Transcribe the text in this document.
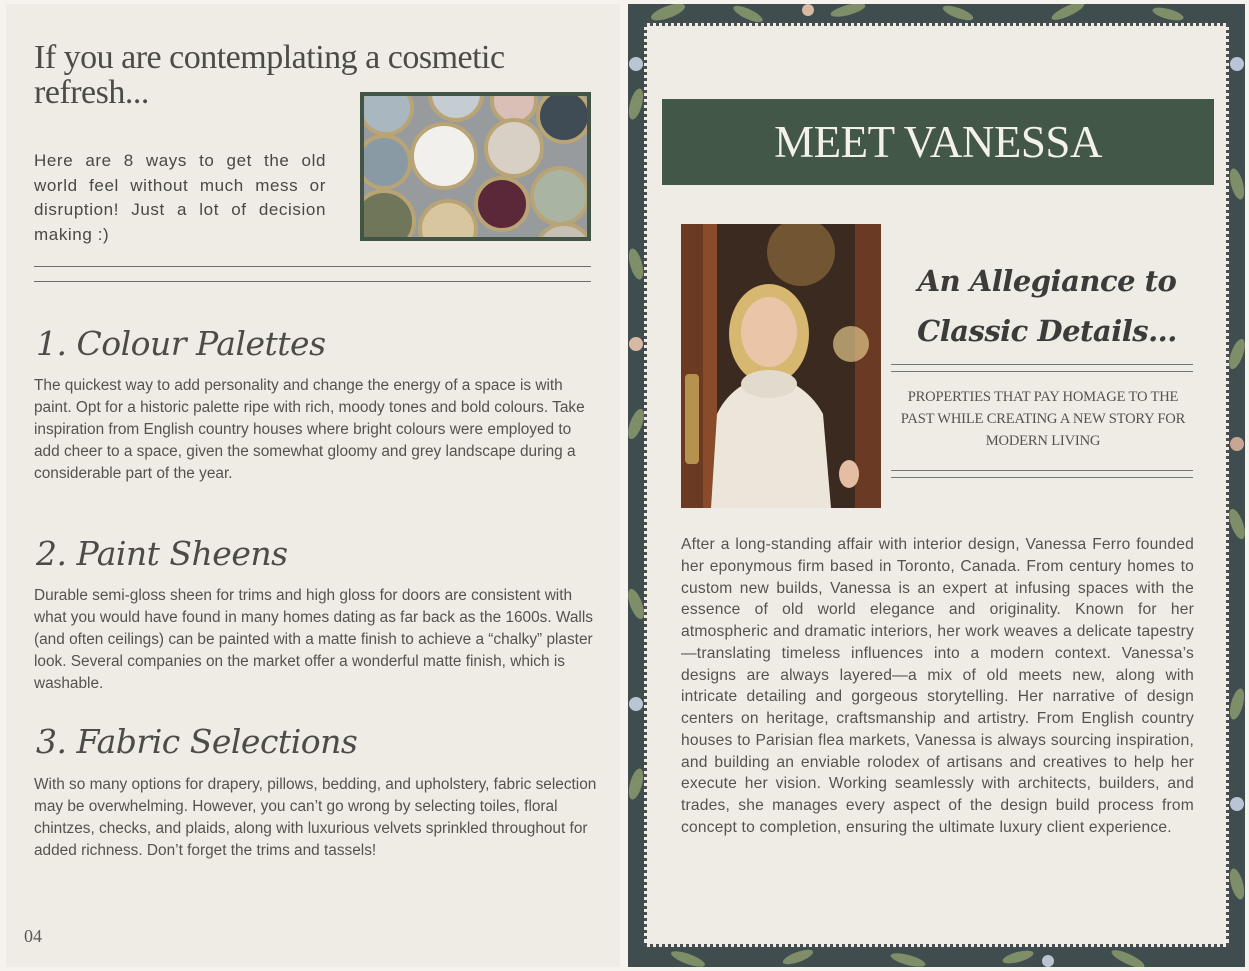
If you are contemplating a cosmetic refresh...

Here are 8 ways to get the old world feel without much mess or disruption! Just a lot of decision making :)

1. Colour Palettes

The quickest way to add personality and change the energy of a space is with paint. Opt for a historic palette ripe with rich, moody tones and bold colours. Take inspiration from English country houses where bright colours were employed to add cheer to a space, given the somewhat gloomy and grey landscape during a considerable part of the year.

2. Paint Sheens

Durable semi-gloss sheen for trims and high gloss for doors are consistent with what you would have found in many homes dating as far back as the 1600s. Walls (and often ceilings) can be painted with a matte finish to achieve a “chalky” plaster look. Several companies on the market offer a wonderful matte finish, which is washable.

3. Fabric Selections

With so many options for drapery, pillows, bedding, and upholstery, fabric selection may be overwhelming. However, you can’t go wrong by selecting toiles, floral chintzes, checks, and plaids, along with luxurious velvets sprinkled throughout for added richness. Don’t forget the trims and tassels!

04
MEET VANESSA
An Allegiance to
Classic Details...
PROPERTIES THAT PAY HOMAGE TO THE PAST WHILE CREATING A NEW STORY FOR MODERN LIVING

After a long-standing affair with interior design, Vanessa Ferro founded her eponymous firm based in Toronto, Canada. From century homes to custom new builds, Vanessa is an expert at infusing spaces with the essence of old world elegance and originality. Known for her atmospheric and dramatic interiors, her work weaves a delicate tapestry—translating timeless influences into a modern context. Vanessa’s designs are always layered—a mix of old meets new, along with intricate detailing and gorgeous storytelling. Her narrative of design centers on heritage, craftsmanship and artistry. From English country houses to Parisian flea markets, Vanessa is always sourcing inspiration, and building an enviable rolodex of artisans and creatives to help her execute her vision. Working seamlessly with architects, builders, and trades, she manages every aspect of the design build process from concept to completion, ensuring the ultimate luxury client experience.
